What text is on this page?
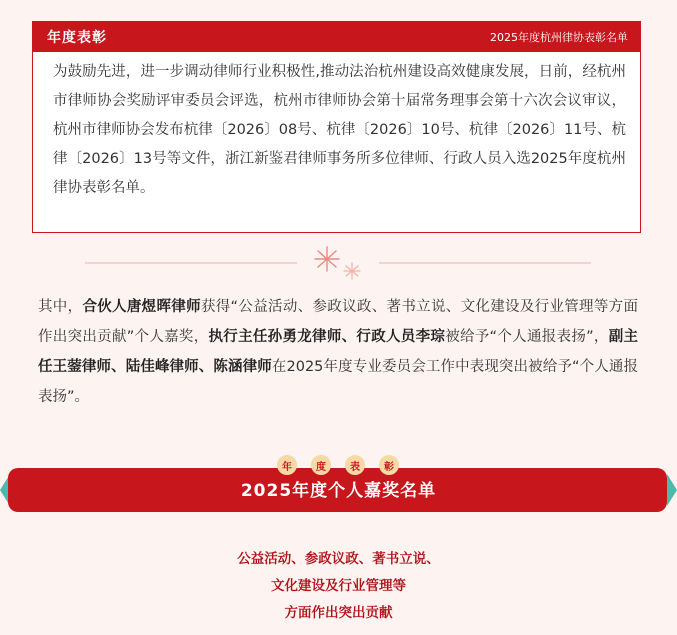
年度表彰	2025年度杭州律协表彰名单
为鼓励先进，进一步调动律师行业积极性,推动法治杭州建设高效健康发展，日前，经杭州市律师协会奖励评审委员会评选，杭州市律师协会第十届常务理事会第十六次会议审议，杭州市律师协会发布杭律〔2026〕08号、杭律〔2026〕10号、杭律〔2026〕11号、杭律〔2026〕13号等文件，浙江新鉴君律师事务所多位律师、行政人员入选2025年度杭州律协表彰名单。

其中，合伙人唐煜晖律师获得“公益活动、参政议政、著书立说、文化建设及行业管理等方面作出突出贡献”个人嘉奖，执行主任孙勇龙律师、行政人员李琮被给予“个人通报表扬”，副主任王蓥律师、陆佳峰律师、陈涵律师在2025年度专业委员会工作中表现突出被给予“个人通报表扬”。

2025年度个人嘉奖名单
年	度	表	彰
公益活动、参政议政、著书立说、
文化建设及行业管理等
方面作出突出贡献
